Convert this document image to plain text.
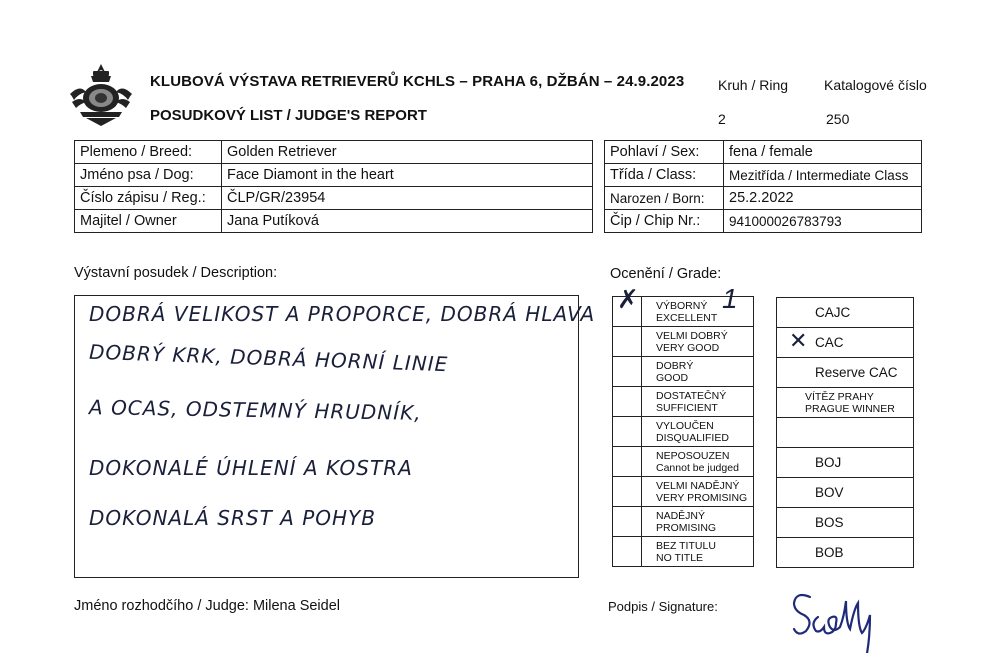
KLUBOVÁ VÝSTAVA RETRIEVERŮ KCHLS – PRAHA 6, DŽBÁN – 24.9.2023
POSUDKOVÝ LIST / JUDGE'S REPORT
Kruh / Ring
2
Katalogové číslo
250
Plemeno / Breed:	Golden Retriever		Pohlaví / Sex:	fena / female
Jméno psa / Dog:	Face Diamont in the heart		Třída / Class:	Mezitřída / Intermediate Class
Číslo zápisu / Reg.:	ČLP/GR/23954		Narozen / Born:	25.2.2022
Majitel / Owner	Jana Putíková		Čip / Chip Nr.:	941000026783793
Výstavní posudek / Description:	Ocenění / Grade:
DOBRÁ VELIKOST A PROPORCE, DOBRÁ HLAVA
DOBRÝ KRK, DOBRÁ HORNÍ LINIE
A OCAS, ODSTEMNÝ HRUDNÍK,
DOKONALÉ ÚHLENÍ A KOSTRA
DOKONALÁ SRST A POHYB
✗	VÝBORNÝ
EXCELLENT
1

	VELMI DOBRÝ
VERY GOOD

	DOBRÝ
GOOD

	DOSTATEČNÝ
SUFFICIENT

	VYLOUČEN
DISQUALIFIED

	NEPOSOUZEN
Cannot be judged

	VELMI NADĚJNÝ
VERY PROMISING

	NADĚJNÝ
PROMISING

	BEZ TITULU
NO TITLE
CAJC

✕ CAC
Reserve CAC

VÍTĚZ PRAHY
PRAGUE WINNER

BOJ
BOV
BOS
BOB
Jméno rozhodčího / Judge: Milena Seidel	Podpis / Signature:
